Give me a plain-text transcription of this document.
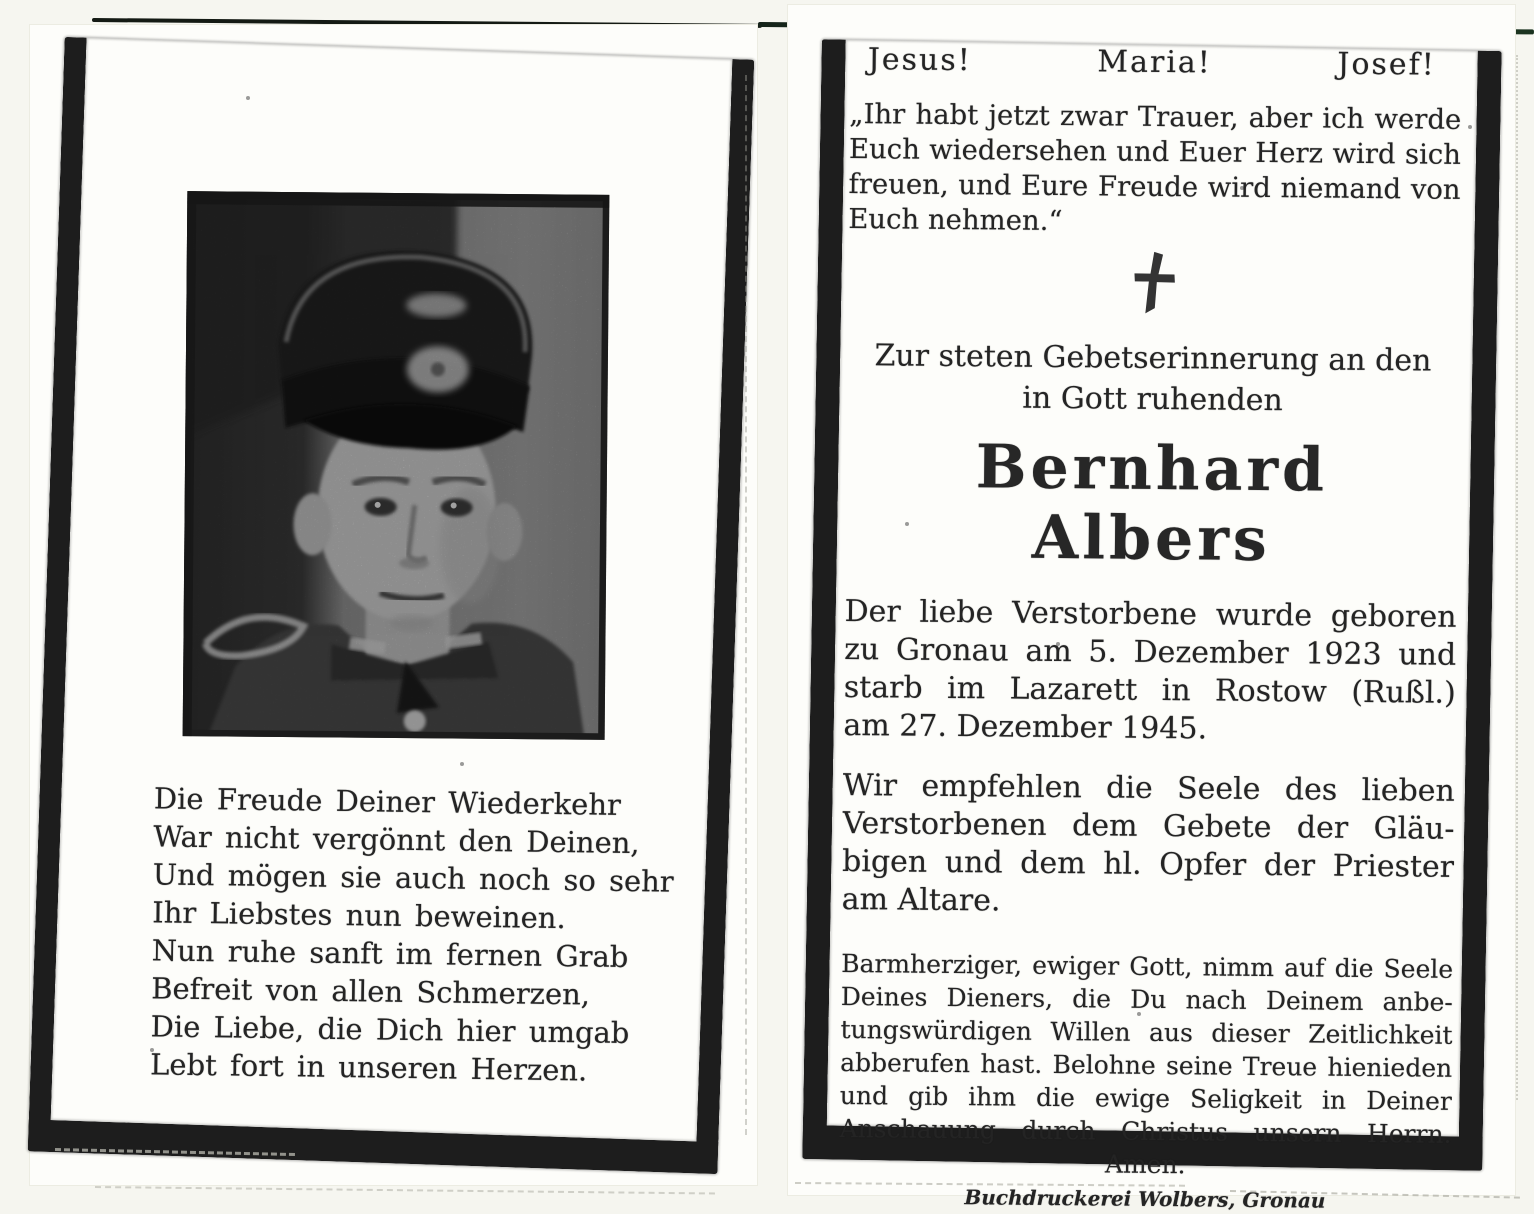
Die Freude Deiner Wiederkehr
War nicht vergönnt den Deinen,
Und mögen sie auch noch so sehr
Ihr Liebstes nun beweinen.
Nun ruhe sanft im fernen Grab
Befreit von allen Schmerzen,
Die Liebe, die Dich hier umgab
Lebt fort in unseren Herzen.
Jesus!	Maria!	Josef!
„Ihr habt jetzt zwar Trauer, aber ich werde
Euch wiedersehen und Euer Herz wird sich
freuen, und Eure Freude wird niemand von
Euch nehmen.“
Zur steten Gebetserinnerung an den
in Gott ruhenden
Bernhard Albers
Der liebe Verstorbene wurde geboren
zu Gronau am 5. Dezember 1923 und
starb im Lazarett in Rostow (Rußl.)
am 27. Dezember 1945.
Wir empfehlen die Seele des lieben
Verstorbenen dem Gebete der Gläu-
bigen und dem hl. Opfer der Priester
am Altare.
Barmherziger, ewiger Gott, nimm auf die Seele
Deines Dieners, die Du nach Deinem anbe-
tungswürdigen Willen aus dieser Zeitlichkeit
abberufen hast. Belohne seine Treue hienieden
und gib ihm die ewige Seligkeit in Deiner
Anschauung durch Christus unsern Herrn.
Amen.
Buchdruckerei Wolbers, Gronau
